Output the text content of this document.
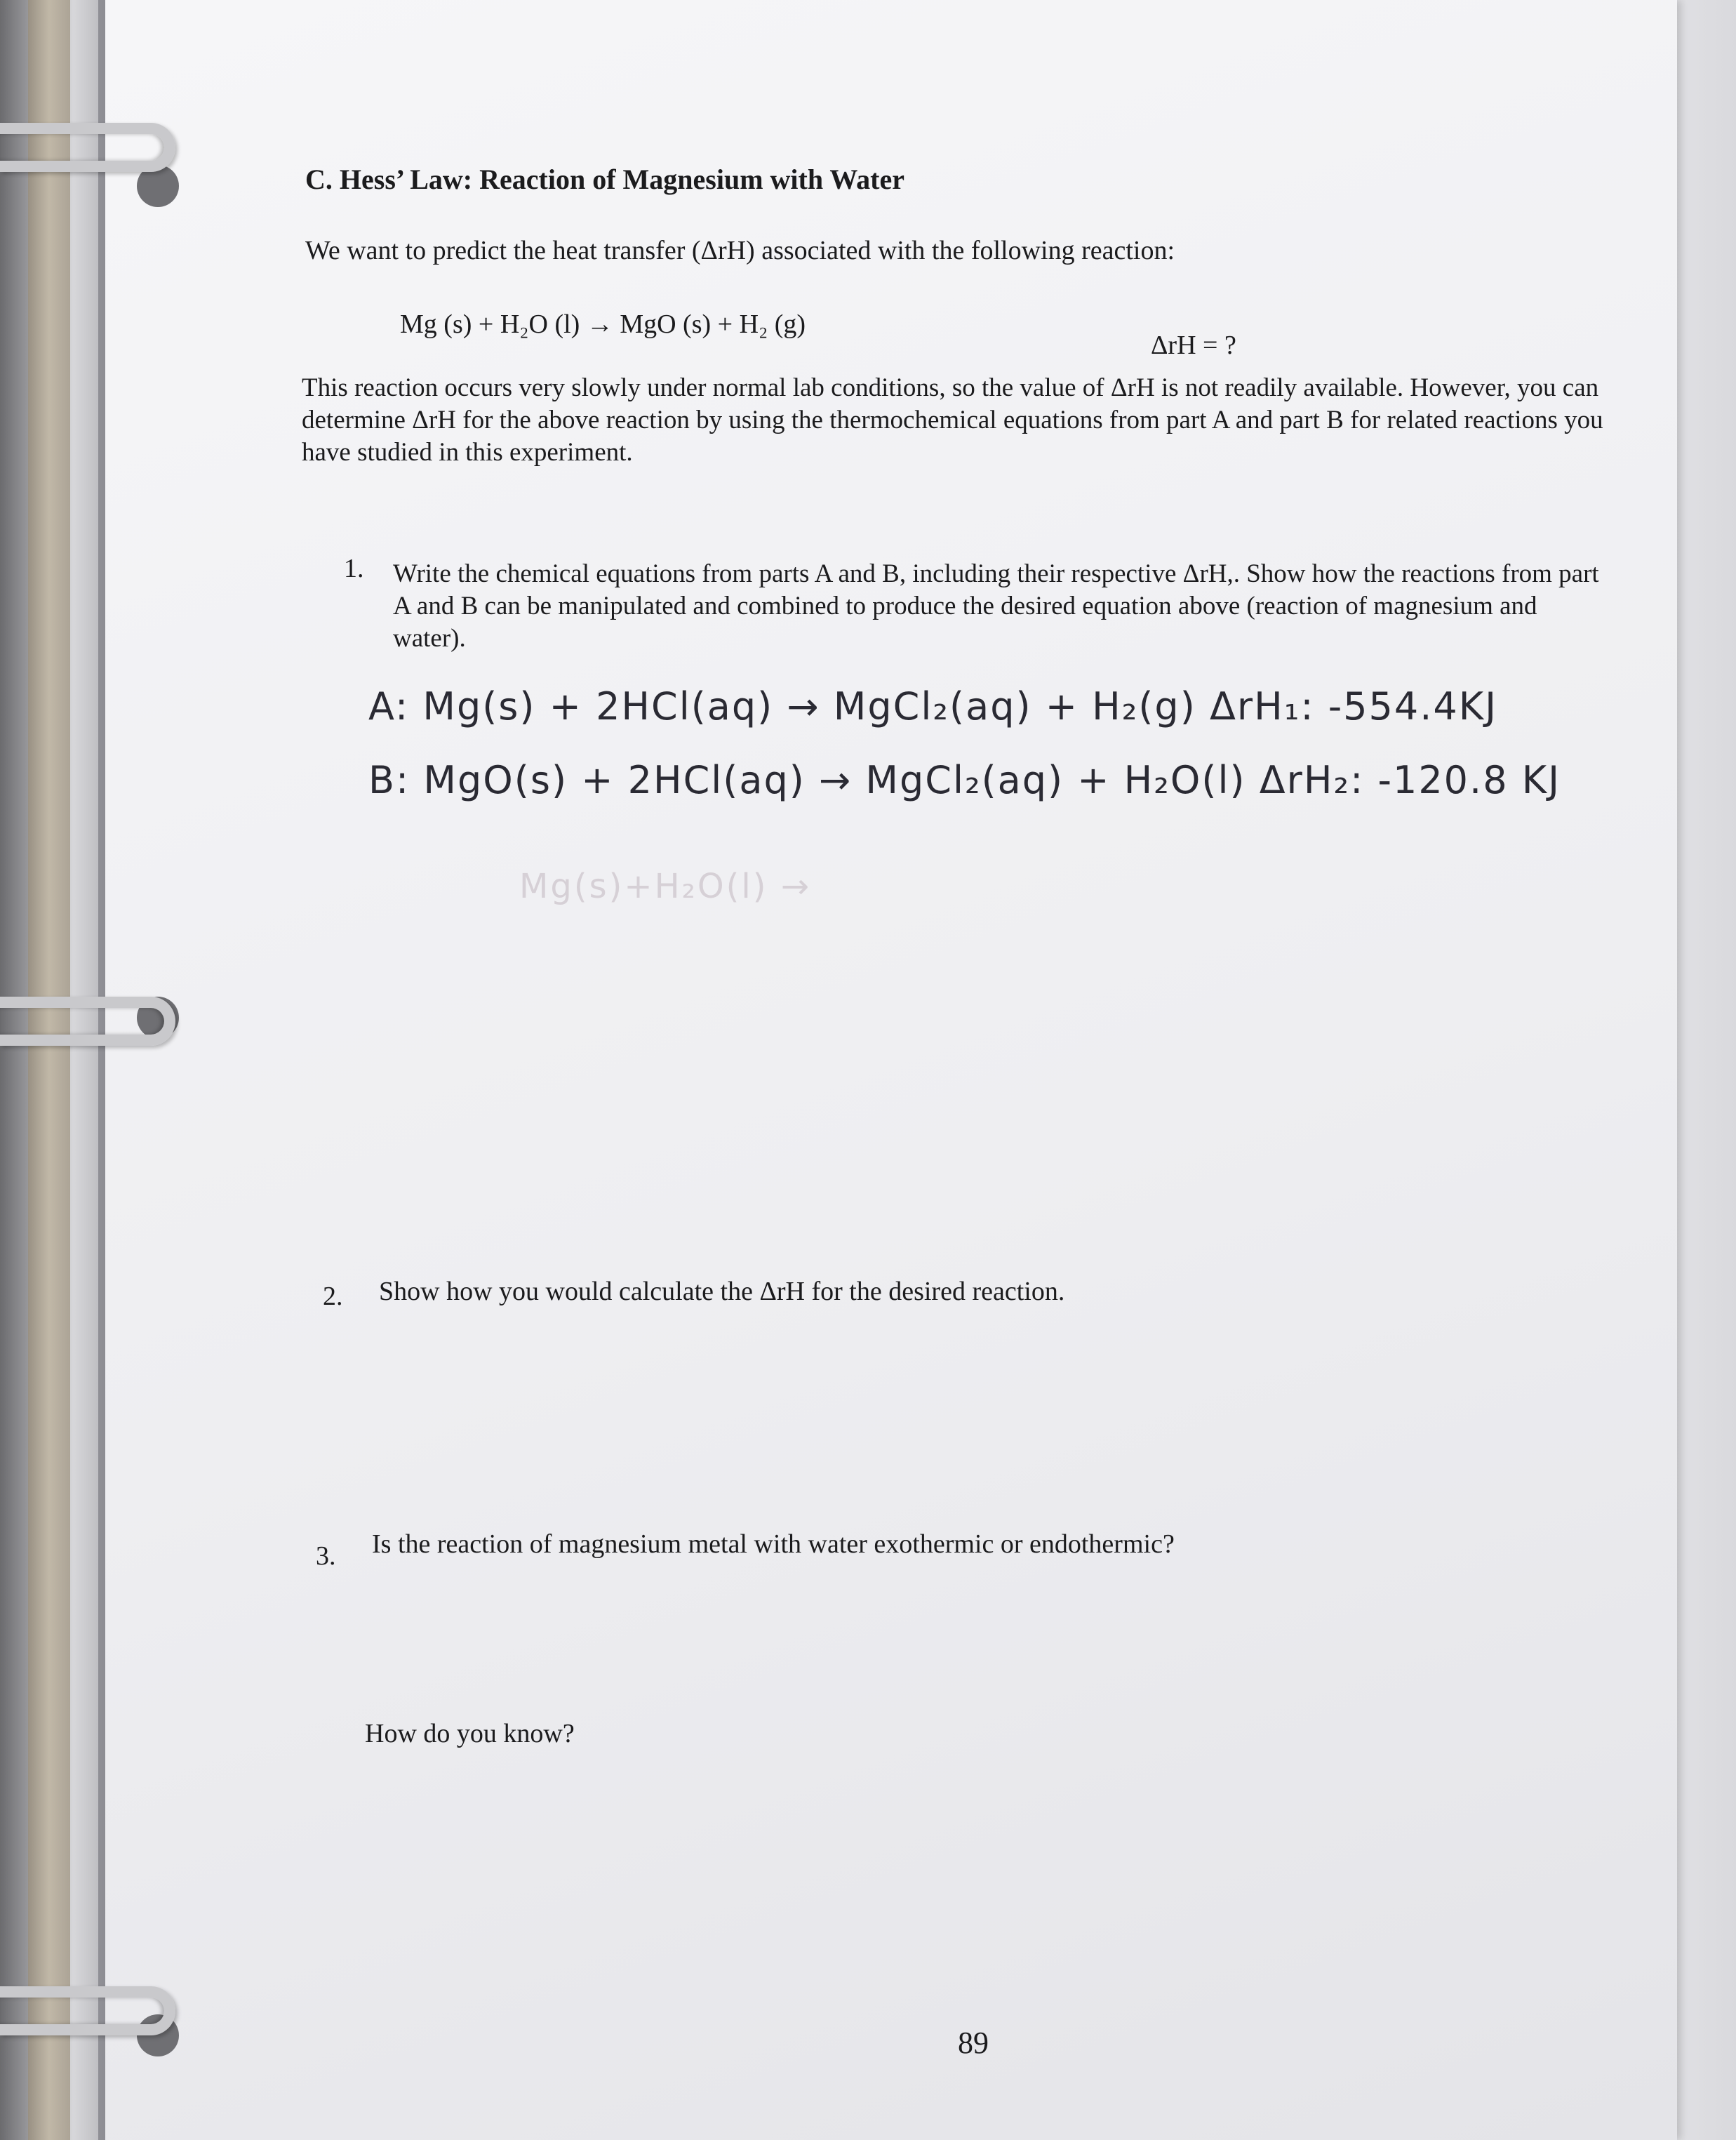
C. Hess’ Law: Reaction of Magnesium with Water
We want to predict the heat transfer (ΔrH) associated with the following reaction:
Mg (s) + H₂O (l) → MgO (s) + H₂ (g)
ΔrH = ?
This reaction occurs very slowly under normal lab conditions, so the value of ΔrH is not readily available. However, you can determine ΔrH for the above reaction by using the thermochemical equations from part A and part B for related reactions you have studied in this experiment.
1. Write the chemical equations from parts A and B, including their respective ΔrH,. Show how the reactions from part A and B can be manipulated and combined to produce the desired equation above (reaction of magnesium and water).
A: Mg(s) + 2HCl(aq) → MgCl₂(aq) + H₂(g) ΔrH₁: -554.4KJ
B: MgO(s) + 2HCl(aq) → MgCl₂(aq) + H₂O(l) ΔrH₂: -120.8 KJ
Mg(s)+H₂O(l) →
2. Show how you would calculate the ΔrH for the desired reaction.
3. Is the reaction of magnesium metal with water exothermic or endothermic?
How do you know?
89
